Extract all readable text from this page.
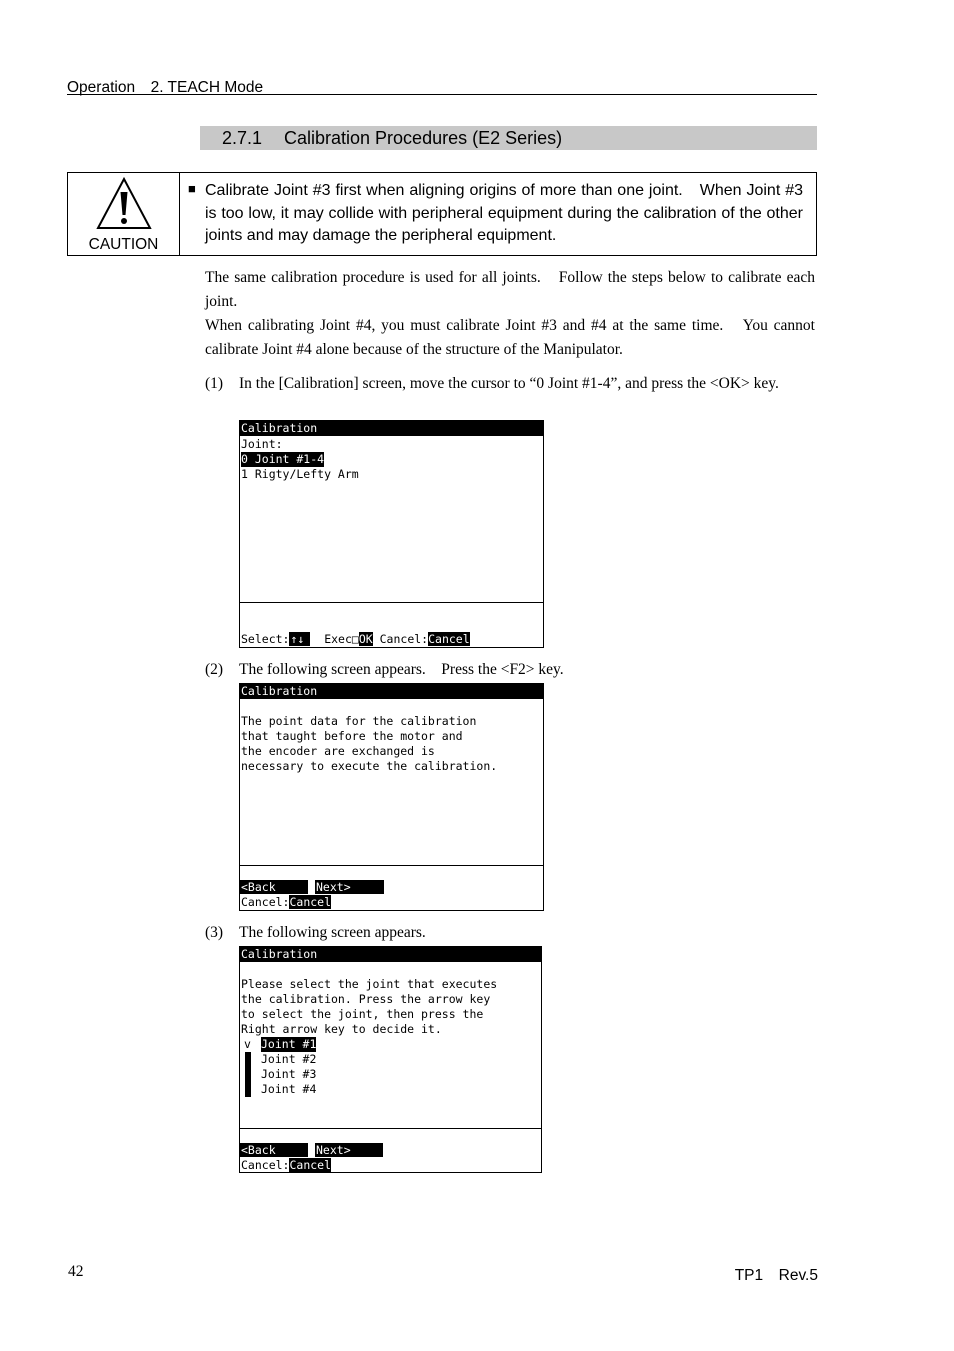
Operation　2. TEACH Mode
2.7.1 Calibration Procedures (E2 Series)
CAUTION
■ Calibrate Joint #3 first when aligning origins of more than one joint.　When Joint #3 is too low, it may collide with peripheral equipment during the calibration of the other joints and may damage the peripheral equipment.
The same calibration procedure is used for all joints.　Follow the steps below to calibrate each joint.
When calibrating Joint #4, you must calibrate Joint #3 and #4 at the same time.　You cannot calibrate Joint #4 alone because of the structure of the Manipulator.
(1) In the [Calibration] screen, move the cursor to “0 Joint #1-4”, and press the <OK> key.
Calibration
Joint:
0 Joint #1-4
1 Rigty/Lefty Arm
Select:↑↓ Exec□OK Cancel:Cancel
(2) The following screen appears.　Press the <F2> key.
Calibration
The point data for the calibration
that taught before the motor and
the encoder are exchanged is
necessary to execute the calibration.
<Back	Next>
Cancel:Cancel
(3) The following screen appears.
Calibration
Please select the joint that executes
the calibration. Press the arrow key
to select the joint, then press the
Right arrow key to decide it.
v Joint #1
Joint #2
Joint #3
Joint #4
<Back	Next>
Cancel:Cancel
42	TP1　Rev.5
